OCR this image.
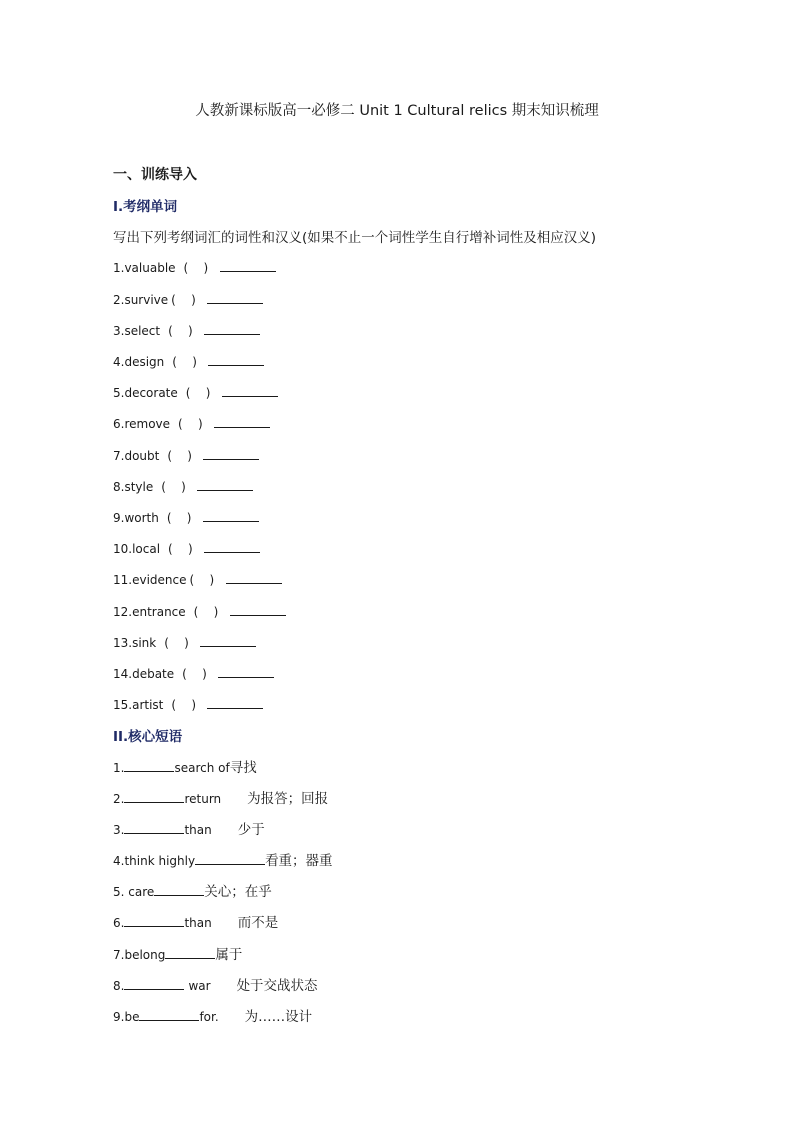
人教新课标版高一必修二 Unit 1 Cultural relics 期末知识梳理
一、训练导入
I.考纲单词
写出下列考纲词汇的词性和汉义(如果不止一个词性学生自行增补词性及相应汉义)
1.valuable (    )
2.survive (    )
3.select (    )
4.design (    )
5.decorate (    )
6.remove (    )
7.doubt (    )
8.style (    )
9.worth (    )
10.local (    )
11.evidence (    )
12.entrance (    )
13.sink (    )
14.debate (    )
15.artist (    )
II.核心短语
1.	search of寻找
2.	return 为报答；回报
3.	than 少于
4.think highly	看重；器重
5. care	关心；在乎
6.	than 而不是
7.belong	属于
8.	war 处于交战状态
9.be	for. 为……设计
